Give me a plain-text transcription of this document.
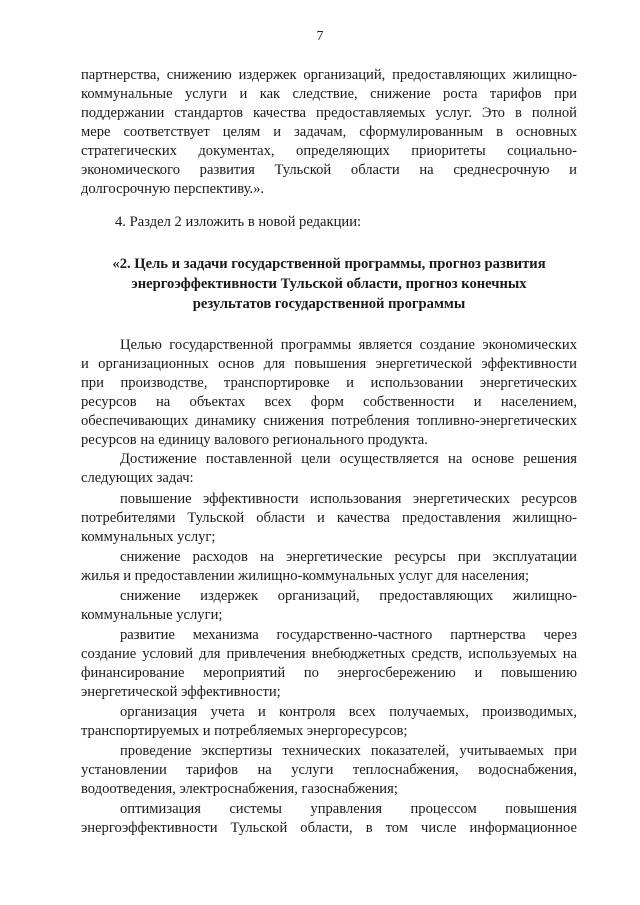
7
партнерства, снижению издержек организаций, предоставляющих жилищно-
коммунальные услуги и как следствие, снижение роста тарифов при
поддержании стандартов качества предоставляемых услуг. Это в полной
мере соответствует целям и задачам, сформулированным в основных
стратегических документах, определяющих приоритеты социально-
экономического развития Тульской области на среднесрочную и
долгосрочную перспективу.».
4. Раздел 2 изложить в новой редакции:
«2. Цель и задачи государственной программы, прогноз развития
энергоэффективности Тульской области, прогноз конечных
результатов государственной программы
Целью государственной программы является создание экономических
и организационных основ для повышения энергетической эффективности
при производстве, транспортировке и использовании энергетических
ресурсов на объектах всех форм собственности и населением,
обеспечивающих динамику снижения потребления топливно-энергетических
ресурсов на единицу валового регионального продукта.
Достижение поставленной цели осуществляется на основе решения
следующих задач:
повышение эффективности использования энергетических ресурсов
потребителями Тульской области и качества предоставления жилищно-
коммунальных услуг;
снижение расходов на энергетические ресурсы при эксплуатации
жилья и предоставлении жилищно-коммунальных услуг для населения;
снижение издержек организаций, предоставляющих жилищно-
коммунальные услуги;
развитие механизма государственно-частного партнерства через
создание условий для привлечения внебюджетных средств, используемых на
финансирование мероприятий по энергосбережению и повышению
энергетической эффективности;
организация учета и контроля всех получаемых, производимых,
транспортируемых и потребляемых энергоресурсов;
проведение экспертизы технических показателей, учитываемых при
установлении тарифов на услуги теплоснабжения, водоснабжения,
водоотведения, электроснабжения, газоснабжения;
оптимизация системы управления процессом повышения
энергоэффективности Тульской области, в том числе информационное
